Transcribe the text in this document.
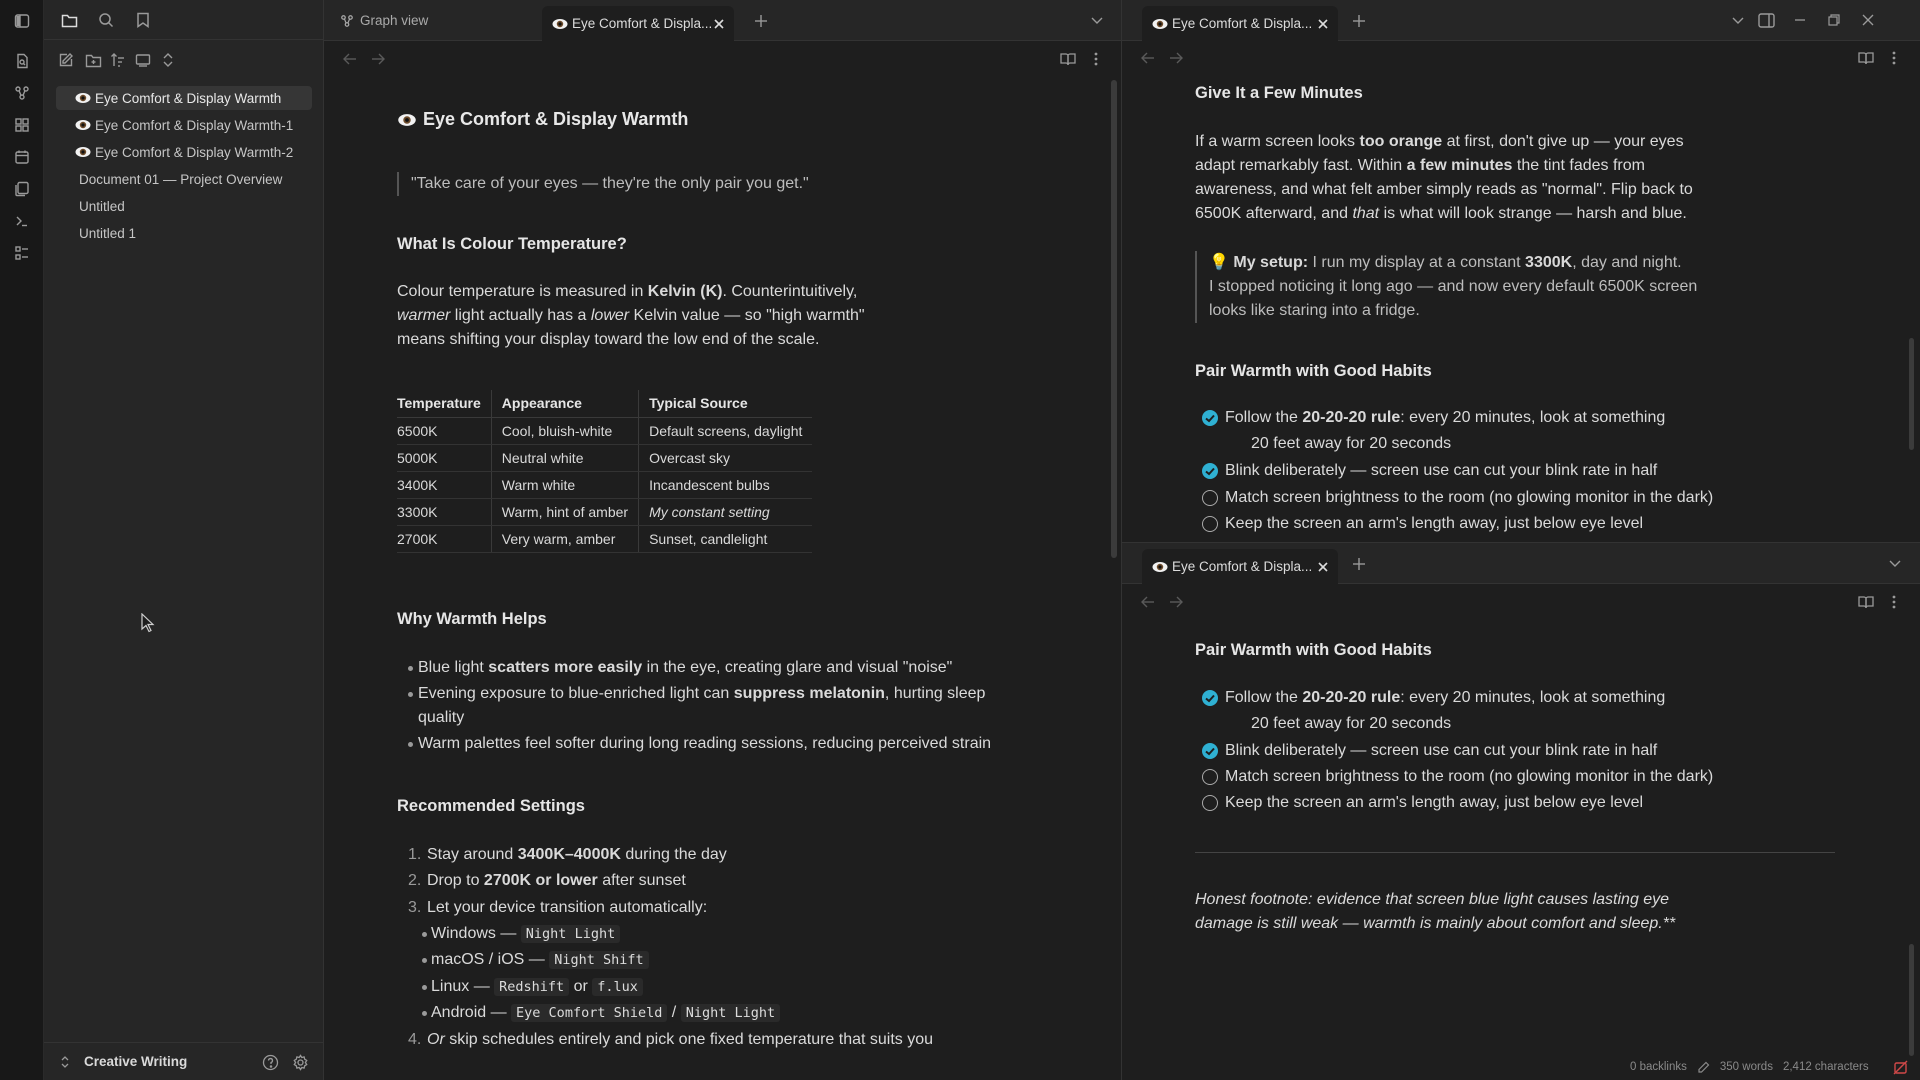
Eye Comfort & Display Warmth
Eye Comfort & Display Warmth-1
Eye Comfort & Display Warmth-2
Document 01 — Project Overview
Untitled
Untitled 1
Creative Writing
Graph view	Eye Comfort & Displa...
Eye Comfort & Display Warmth
"Take care of your eyes — they're the only pair you get."
What Is Colour Temperature?
Colour temperature is measured in Kelvin (K). Counterintuitively,
warmer light actually has a lower Kelvin value — so "high warmth"
means shifting your display toward the low end of the scale.
Temperature	Appearance	Typical Source
6500K	Cool, bluish-white	Default screens, daylight
5000K	Neutral white	Overcast sky
3400K	Warm white	Incandescent bulbs
3300K	Warm, hint of amber	My constant setting
2700K	Very warm, amber	Sunset, candlelight
Why Warmth Helps
Blue light scatters more easily in the eye, creating glare and visual "noise"
Evening exposure to blue-enriched light can suppress melatonin, hurting sleep
quality
Warm palettes feel softer during long reading sessions, reducing perceived strain
Recommended Settings
1. Stay around 3400K–4000K during the day
2. Drop to 2700K or lower after sunset
3. Let your device transition automatically:
Windows — Night Light
macOS / iOS — Night Shift
Linux — Redshift or f.lux
Android — Eye Comfort Shield / Night Light
4. Or skip schedules entirely and pick one fixed temperature that suits you
Eye Comfort & Displa...
Give It a Few Minutes
If a warm screen looks too orange at first, don't give up — your eyes
adapt remarkably fast. Within a few minutes the tint fades from
awareness, and what felt amber simply reads as "normal". Flip back to
6500K afterward, and that is what will look strange — harsh and blue.
💡 My setup: I run my display at a constant 3300K, day and night.
I stopped noticing it long ago — and now every default 6500K screen
looks like staring into a fridge.
Pair Warmth with Good Habits
Follow the 20-20-20 rule: every 20 minutes, look at something
20 feet away for 20 seconds
Blink deliberately — screen use can cut your blink rate in half
Match screen brightness to the room (no glowing monitor in the dark)
Keep the screen an arm's length away, just below eye level
Eye Comfort & Displa...
Pair Warmth with Good Habits
Follow the 20-20-20 rule: every 20 minutes, look at something
20 feet away for 20 seconds
Blink deliberately — screen use can cut your blink rate in half
Match screen brightness to the room (no glowing monitor in the dark)
Keep the screen an arm's length away, just below eye level
Honest footnote: evidence that screen blue light causes lasting eye
damage is still weak — warmth is mainly about comfort and sleep.**
0 backlinks	350 words 2,412 characters
